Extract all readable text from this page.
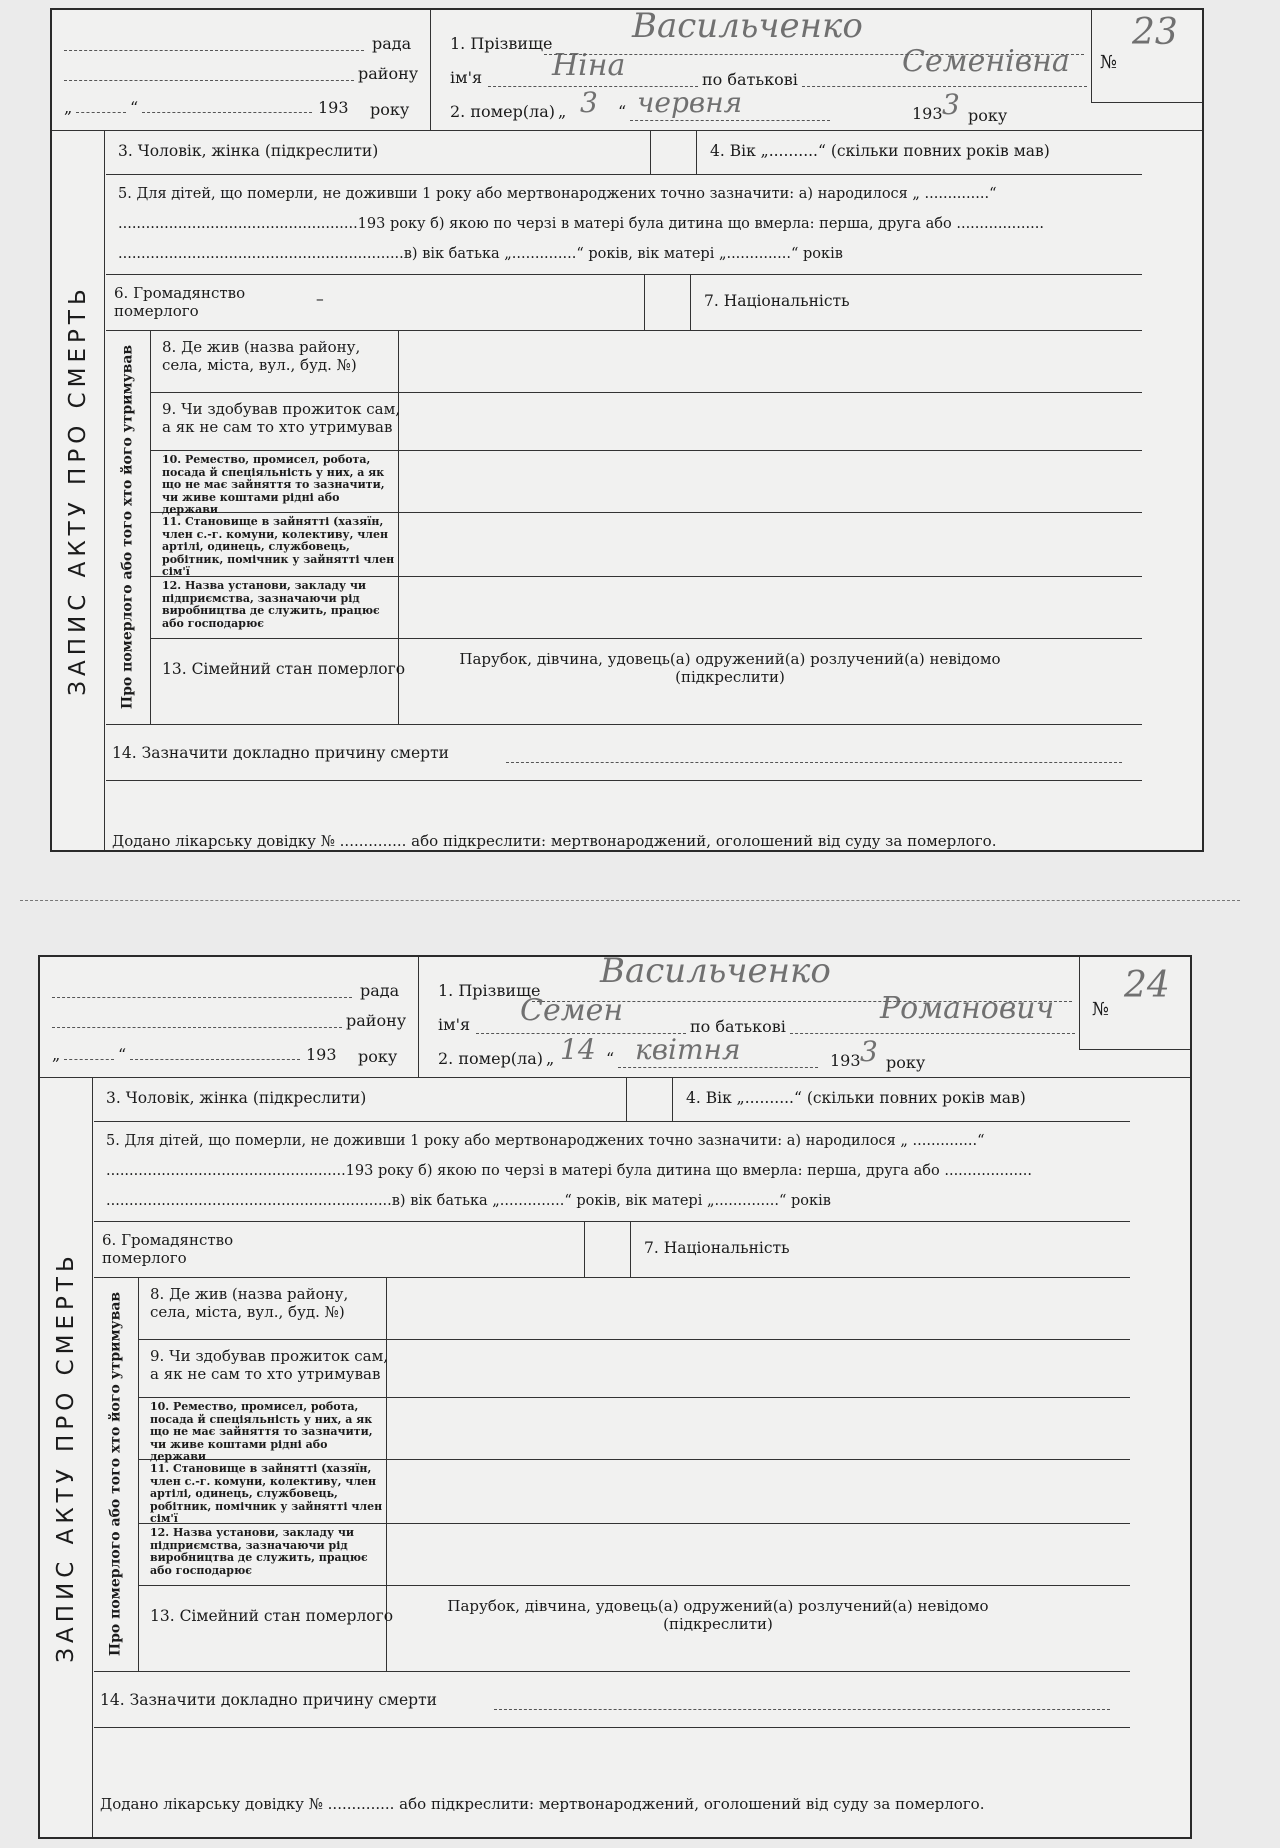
рада
району
„	“	193 року
1. Прізвище Васильченко
ім'я Ніна	по батькові
Семенівна
2. помер(ла) „ 3 “ червня	193 3 року
№
23
ЗАПИС АКТУ ПРО СМЕРТЬ
3. Чоловік, жінка (підкреслити)	4. Вік „..........“ (скільки повних років мав)
5. Для дітей, що померли, не доживши 1 року або мертвонароджених точно зазначити: а) народилося „ ..............“
....................................................193 року б) якою по черзі в матері була дитина що вмерла: перша, друга або ...................
..............................................................в) вік батька „..............“ років, вік матері „..............“ років
6. Громадянство померлого
–	7. Національність
Про померлого або того хто його утримував 8. Де жив (назва району, села, міста, вул., буд. №)
9. Чи здобував прожиток сам, а як не сам то хто утримував
10. Ремество, промисел, робота, посада й спеціяльність у них, а як що не має зайняття то зазначити, чи живе коштами рідні або держави
11. Становище в зайнятті (хазяїн, член с.-г. комуни, колективу, член артілі, одинець, службовець, робітник, помічник у зайнятті член сім'ї
12. Назва установи, закладу чи підприємства, зазначаючи рід виробництва де служить, працює або господарює
13. Сімейний стан померлого
Парубок, дівчина, удовець(а) одружений(а) розлучений(а) невідомо (підкреслити)
14. Зазначити докладно причину смерти
Додано лікарську довідку № .............. або підкреслити: мертвонароджений, оголошений від суду за померлого.
рада
району
„	“	193 року
1. Прізвище Васильченко
ім'я Семен	по батькові
Романович
2. помер(ла) „ 14 “ квітня	193 3 року
№
24
ЗАПИС АКТУ ПРО СМЕРТЬ
3. Чоловік, жінка (підкреслити)	4. Вік „..........“ (скільки повних років мав)
5. Для дітей, що померли, не доживши 1 року або мертвонароджених точно зазначити: а) народилося „ ..............“
....................................................193 року б) якою по черзі в матері була дитина що вмерла: перша, друга або ...................
..............................................................в) вік батька „..............“ років, вік матері „..............“ років
6. Громадянство померлого
7. Національність
Про померлого або того хто його утримував 8. Де жив (назва району, села, міста, вул., буд. №)
9. Чи здобував прожиток сам, а як не сам то хто утримував
10. Ремество, промисел, робота, посада й спеціяльність у них, а як що не має зайняття то зазначити, чи живе коштами рідні або держави
11. Становище в зайнятті (хазяїн, член с.-г. комуни, колективу, член артілі, одинець, службовець, робітник, помічник у зайнятті член сім'ї
12. Назва установи, закладу чи підприємства, зазначаючи рід виробництва де служить, працює або господарює
13. Сімейний стан померлого
Парубок, дівчина, удовець(а) одружений(а) розлучений(а) невідомо (підкреслити)
14. Зазначити докладно причину смерти
Додано лікарську довідку № .............. або підкреслити: мертвонароджений, оголошений від суду за померлого.
